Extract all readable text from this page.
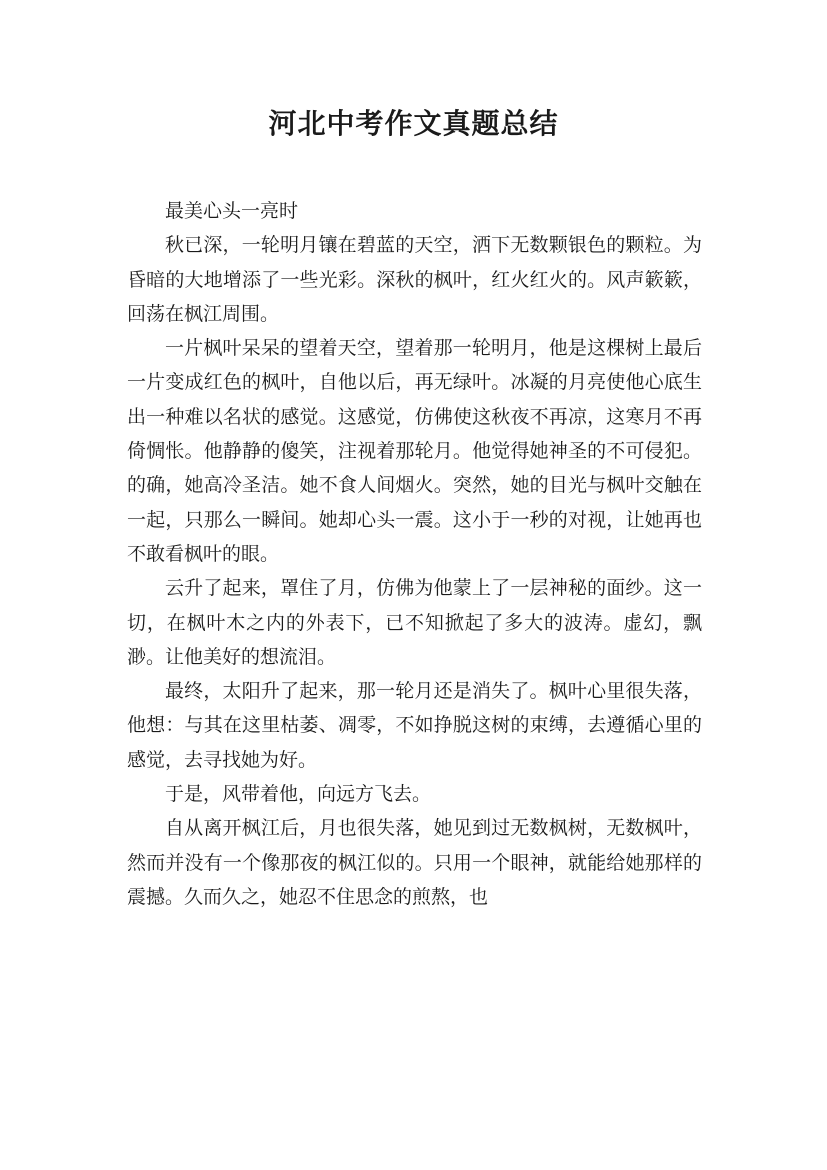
河北中考作文真题总结

最美心头一亮时

秋已深，一轮明月镶在碧蓝的天空，洒下无数颗银色的颗粒。为昏暗的大地增添了一些光彩。深秋的枫叶，红火红火的。风声簌簌，回荡在枫江周围。

一片枫叶呆呆的望着天空，望着那一轮明月，他是这棵树上最后一片变成红色的枫叶，自他以后，再无绿叶。冰凝的月亮使他心底生出一种难以名状的感觉。这感觉，仿佛使这秋夜不再凉，这寒月不再倚惆怅。他静静的傻笑，注视着那轮月。他觉得她神圣的不可侵犯。的确，她高冷圣洁。她不食人间烟火。突然，她的目光与枫叶交触在一起，只那么一瞬间。她却心头一震。这小于一秒的对视，让她再也不敢看枫叶的眼。

云升了起来，罩住了月，仿佛为他蒙上了一层神秘的面纱。这一切，在枫叶木之内的外表下，已不知掀起了多大的波涛。虚幻，飘渺。让他美好的想流泪。

最终，太阳升了起来，那一轮月还是消失了。枫叶心里很失落，他想：与其在这里枯萎、凋零，不如挣脱这树的束缚，去遵循心里的感觉，去寻找她为好。

于是，风带着他，向远方飞去。

自从离开枫江后，月也很失落，她见到过无数枫树，无数枫叶，然而并没有一个像那夜的枫江似的。只用一个眼神，就能给她那样的震撼。久而久之，她忍不住思念的煎熬，也
